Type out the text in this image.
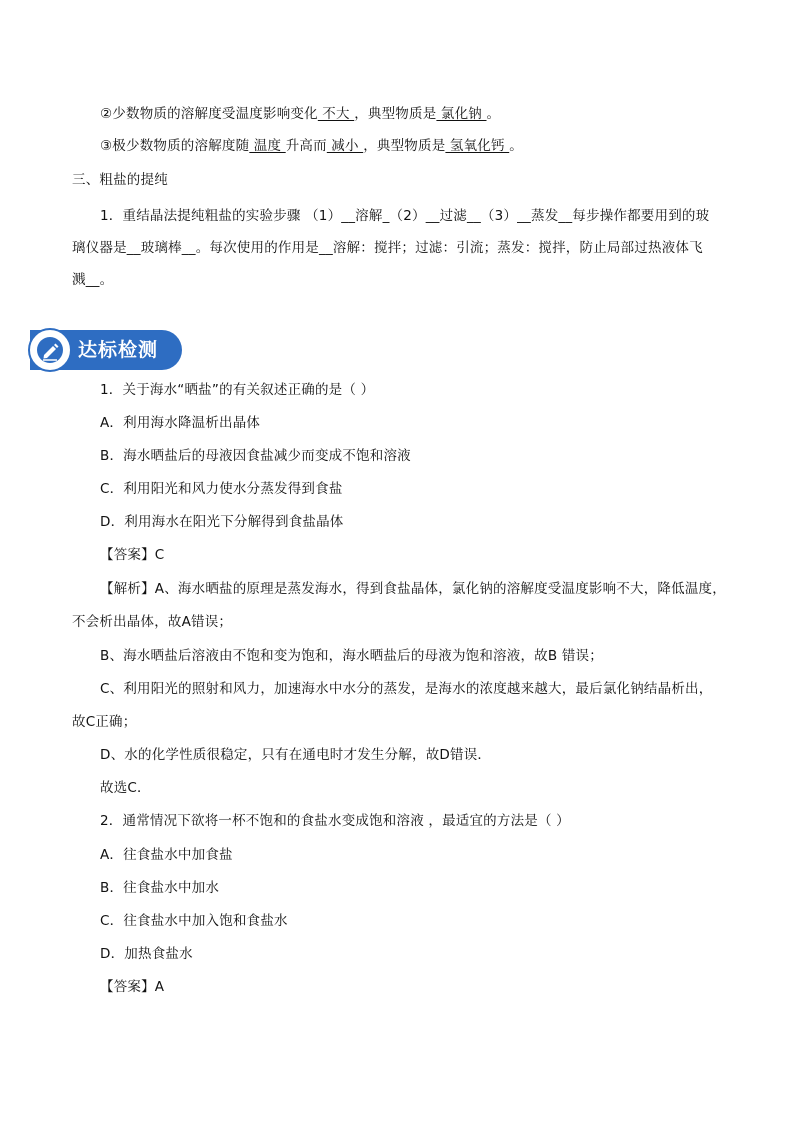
②少数物质的溶解度受温度影响变化 不大 ，典型物质是 氯化钠 。
③极少数物质的溶解度随 温度 升高而 减小 ，典型物质是 氢氧化钙 。
三、粗盐的提纯
1．重结晶法提纯粗盐的实验步骤 （1）__溶解_（2）__过滤__（3）__蒸发__每步操作都要用到的玻
璃仪器是__玻璃棒__。每次使用的作用是__溶解：搅拌；过滤：引流；蒸发：搅拌，防止局部过热液体飞
溅__。
达标检测
1．关于海水“晒盐”的有关叙述正确的是（ ）
A．利用海水降温析出晶体
B．海水晒盐后的母液因食盐减少而变成不饱和溶液
C．利用阳光和风力使水分蒸发得到食盐
D．利用海水在阳光下分解得到食盐晶体
【答案】C
【解析】A、海水晒盐的原理是蒸发海水，得到食盐晶体，氯化钠的溶解度受温度影响不大，降低温度，
不会析出晶体，故A错误；
B、海水晒盐后溶液由不饱和变为饱和，海水晒盐后的母液为饱和溶液，故B 错误；
C、利用阳光的照射和风力，加速海水中水分的蒸发，是海水的浓度越来越大，最后氯化钠结晶析出，
故C正确；
D、水的化学性质很稳定，只有在通电时才发生分解，故D错误．
故选C．
2．通常情况下欲将一杯不饱和的食盐水变成饱和溶液 ，最适宜的方法是（ ）
A．往食盐水中加食盐
B．往食盐水中加水
C．往食盐水中加入饱和食盐水
D．加热食盐水
【答案】A
